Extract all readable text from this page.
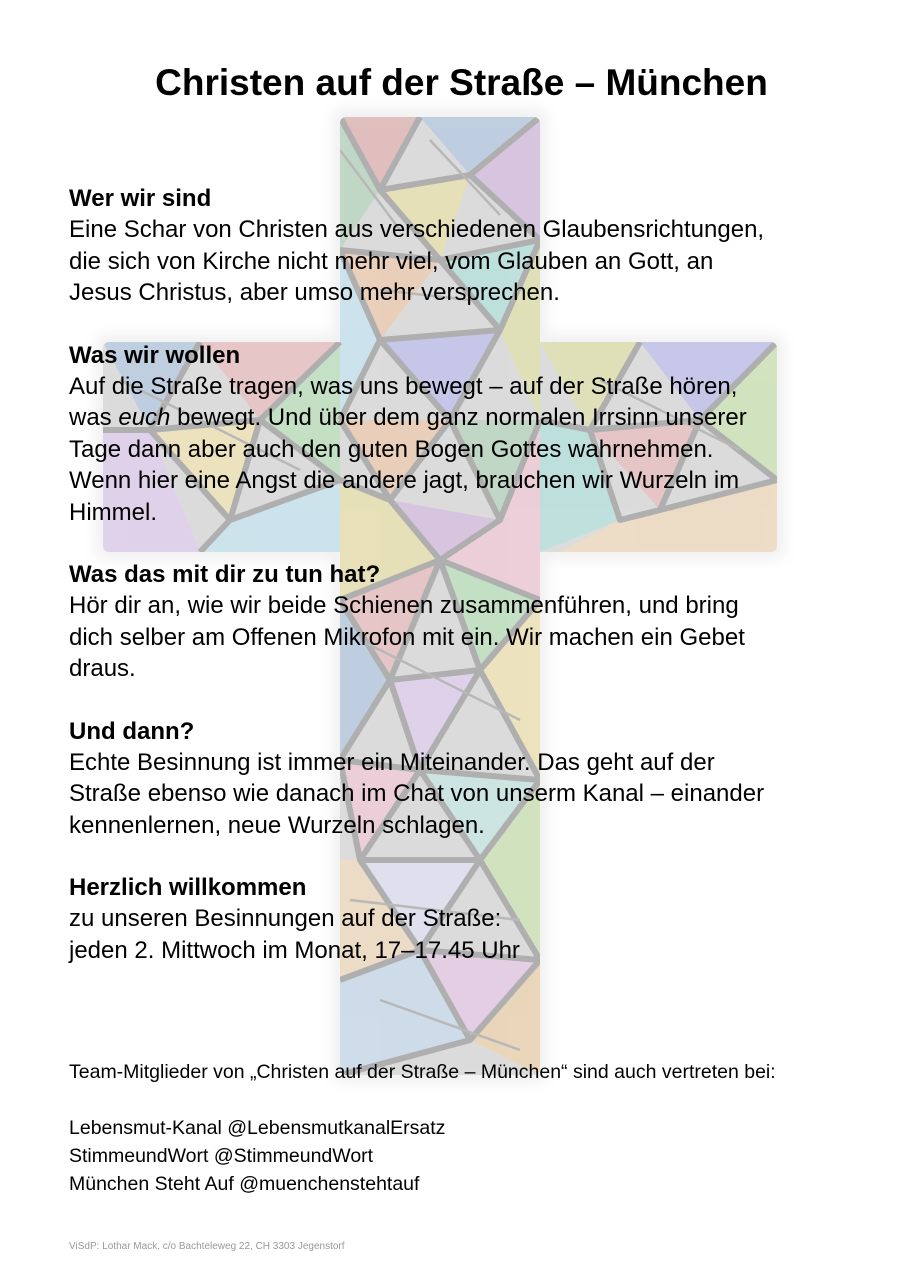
Christen auf der Straße – München

Wer wir sind

Eine Schar von Christen aus verschiedenen Glaubensrichtungen,
die sich von Kirche nicht mehr viel, vom Glauben an Gott, an
Jesus Christus, aber umso mehr versprechen.

Was wir wollen

Auf die Straße tragen, was uns bewegt – auf der Straße hören,
was euch bewegt. Und über dem ganz normalen Irrsinn unserer
Tage dann aber auch den guten Bogen Gottes wahrnehmen.
Wenn hier eine Angst die andere jagt, brauchen wir Wurzeln im
Himmel.

Was das mit dir zu tun hat?

Hör dir an, wie wir beide Schienen zusammenführen, und bring
dich selber am Offenen Mikrofon mit ein. Wir machen ein Gebet
draus.

Und dann?

Echte Besinnung ist immer ein Miteinander. Das geht auf der
Straße ebenso wie danach im Chat von unserm Kanal – einander
kennenlernen, neue Wurzeln schlagen.

Herzlich willkommen

zu unseren Besinnungen auf der Straße:
jeden 2. Mittwoch im Monat, 17–17.45 Uhr

Team-Mitglieder von „Christen auf der Straße – München“ sind auch vertreten bei:

Lebensmut-Kanal @LebensmutkanalErsatz

StimmeundWort @StimmeundWort

München Steht Auf @muenchenstehtauf

ViSdP: Lothar Mack, c/o Bachteleweg 22, CH 3303 Jegenstorf
